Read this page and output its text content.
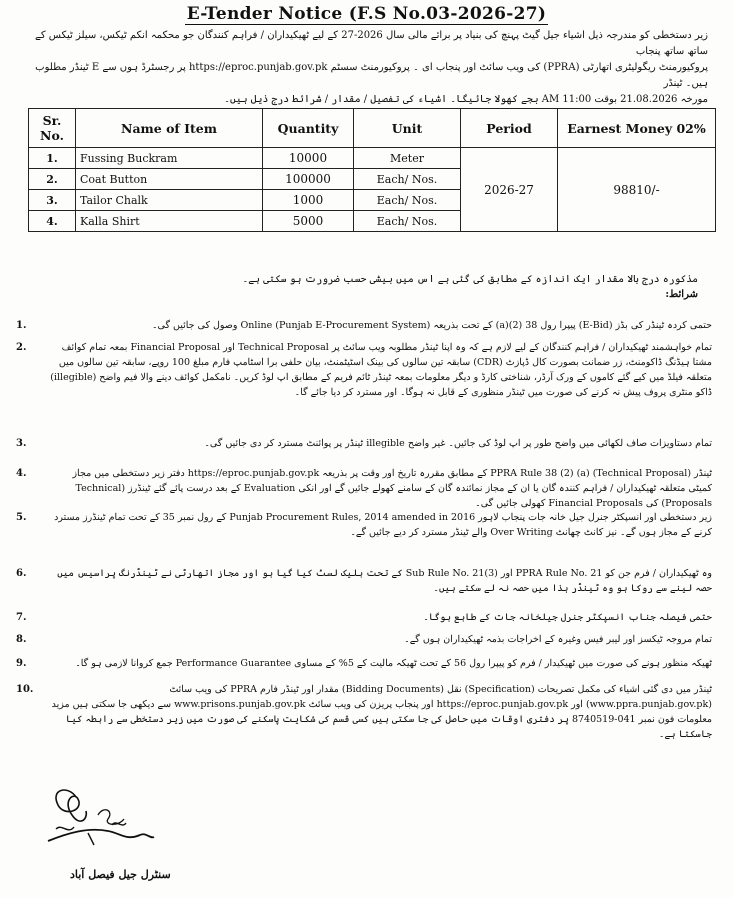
E-Tender Notice (F.S No.03-2026-27)
زیر دستخطی کو مندرجہ ذیل اشیاء جیل گیٹ پہنچ کی بنیاد پر برائے مالی سال 2026-27 کے لیے ٹھیکیداران / فراہم کنندگان جو محکمہ انکم ٹیکس، سیلز ٹیکس کے ساتھ ساتھ پنجاب
پروکیورمنٹ ریگولیٹری اتھارٹی (PPRA) کی ویب سائٹ اور پنجاب ای ۔ پروکیورمنٹ سسٹم https://eproc.punjab.gov.pk پر رجسٹرڈ ہوں سے E ٹینڈر مطلوب ہیں۔ ٹینڈر
مورخہ 21.08.2026 بوقت 11:00 AM بجے کھولا جائیگا۔ اشیاء کی تفصیل / مقدار / شرائط درج ذیل ہیں۔
Sr. No.	Name of Item	Quantity	Unit	Period	Earnest Money 02%
1.	Fussing Buckram	10000	Meter	2026-27	98810/-
2.	Coat Button	100000	Each/ Nos.		
3.	Tailor Chalk	1000	Each/ Nos.		
4.	Kalla Shirt	5000	Each/ Nos.		
مذکورہ درج بالا مقدار ایک اندازہ کے مطابق کی گئی ہے اس میں بیشی حسب ضرورت ہو سکتی ہے۔
شرائط:
1.	حتمی کردہ ٹینڈر کی بڈز (E-Bid) پیپرا رول 38 (2)(a) کے تحت بذریعہ Online (Punjab E-Procurement System) وصول کی جائیں گی۔
2.	تمام خواہشمند ٹھیکیداران / فراہم کنندگان کے لیے لازم ہے کہ وہ اپنا ٹینڈر مطلوبہ ویب سائٹ پر Technical Proposal اور Financial Proposal بمعہ تمام کوائف مشتا ہیڈنگ ڈاکومنٹ، زر ضمانت بصورت کال ڈپازٹ (CDR) سابقہ تین سالوں کی بینک اسٹیٹمنٹ، بیان حلفی برا اسٹامپ فارم مبلغ 100 روپے، سابقہ تین سالوں میں متعلقہ فیلڈ میں کیے گئے کاموں کے ورک آرڈر، شناختی کارڈ و دیگر معلومات بمعہ ٹینڈر ٹائم فریم کے مطابق اپ لوڈ کریں۔ نامکمل کوائف دینے والا فیم واضح (illegible) ڈاکو منٹری پروف پیش نہ کرنے کی صورت میں ٹینڈر منظوری کے قابل نہ ہوگا۔ اور مسترد کر دیا جائے گا۔
3.	تمام دستاویزات صاف لکھائی میں واضح طور پر اپ لوڈ کی جائیں۔ غیر واضح illegible ٹینڈر پر پوائنٹ مسترد کر دی جائیں گی۔
4.	ٹینڈر (Technical Proposal) PPRA Rule 38 (2) (a) کے مطابق مقررہ تاریخ اور وقت پر بذریعہ https://eproc.punjab.gov.pk دفتر زیر دستخطی میں مجاز کمیٹی متعلقہ ٹھیکیداران / فراہم کنندہ گان یا ان کے مجاز نمائندہ گان کے سامنے کھولے جائیں گے اور انکی Evaluation کے بعد درست پائے گئے ٹینڈرز (Technical Proposals) کی Financial Proposals کھولی جائیں گی۔
5.	زیر دستخطی اور انسپکٹر جنرل جیل خانہ جات پنجاب لاہور Punjab Procurement Rules, 2014 amended in 2016 کے رول نمبر 35 کے تحت تمام ٹینڈرز مسترد کرنے کے مجاز ہوں گے۔ نیز کانٹ چھانٹ Over Writing والے ٹینڈر مسترد کر دیے جائیں گے۔
6.	وہ ٹھیکیداران / فرم جن کو PPRA Rule No. 21 اور Sub Rule No. 21(3) کے تحت بلیک لسٹ کیا گیا ہو اور مجاز اتھارٹی نے ٹینڈرنگ پراسیس میں حصہ لینے سے روکا ہو وہ ٹینڈر ہذا میں حصہ نہ لے سکتے ہیں۔
7.	حتمی فیصلہ جناب انسپکٹر جنرل جیلخانہ جات کے طابع ہوگا۔
8.	تمام مروجہ ٹیکسز اور لیبر فیس وغیرہ کے اخراجات بذمہ ٹھیکیداران ہوں گے۔
9.	ٹھیکہ منظور ہونے کی صورت میں ٹھیکیدار / فرم کو پیپرا رول 56 کے تحت ٹھیکہ مالیت کے 5% کے مساوی Performance Guarantee جمع کروانا لازمی ہو گا۔
10.	ٹینڈر میں دی گئی اشیاء کی مکمل تصریحات (Specification) نقل (Bidding Documents) مقدار اور ٹینڈر فارم PPRA کی ویب سائٹ (www.ppra.punjab.gov.pk) اور https://eproc.punjab.gov.pk اور پنجاب پریزن کی ویب سائٹ www.prisons.punjab.gov.pk سے دیکھی جا سکتی ہیں مزید معلومات فون نمبر 041-8740519 پر دفتری اوقات میں حاصل کی جا سکتی ہیں کسی قسم کی شکایت پاسکنے کی صورت میں زیر دستخطی سے رابطہ کیا جاسکتا ہے۔
سنٹرل جیل فیصل آباد
